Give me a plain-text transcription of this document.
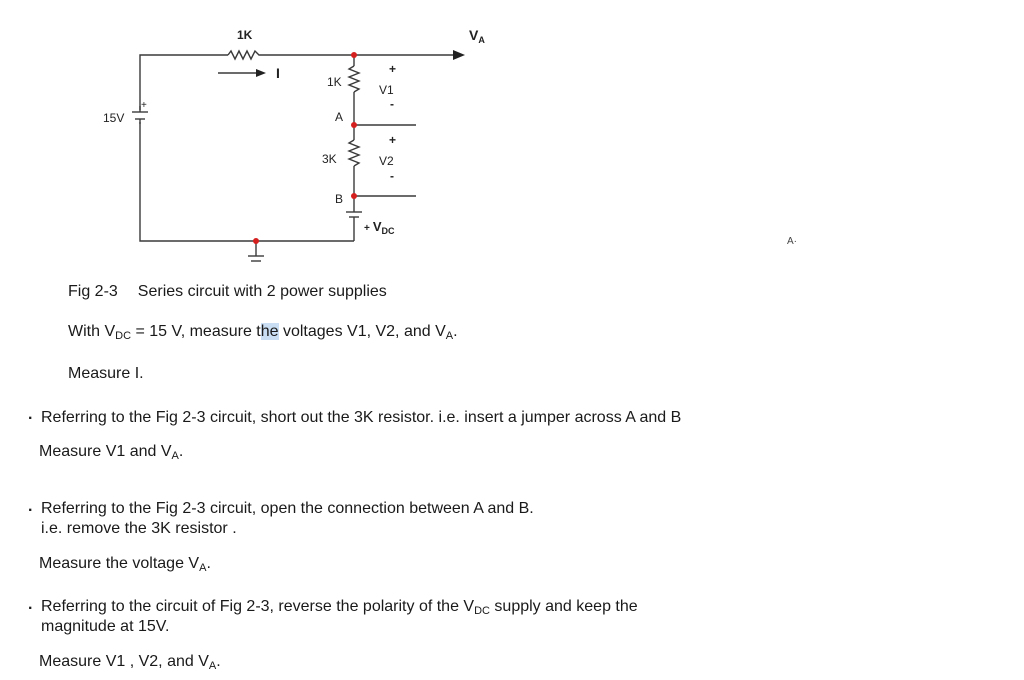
1K
I
1K
A
3K
B
15V
+
+
V1
-
+
V2
-
$V_A$
+ $V_{DC}$
A·
Fig 2-3 Series circuit with 2 power supplies
With $V_{DC} = 15$ V, measure the voltages V1, V2, and $V_A$.
Measure I.
. Referring to the Fig 2-3 circuit, short out the 3K resistor. i.e. insert a jumper across A and B
Measure V1 and $V_A$.
. Referring to the Fig 2-3 circuit, open the connection between A and B.
i.e. remove the 3K resistor .
Measure the voltage $V_A$.
. Referring to the circuit of Fig 2-3, reverse the polarity of the $V_{DC}$ supply and keep the
magnitude at 15V.
Measure V1 , V2, and $V_A$.
